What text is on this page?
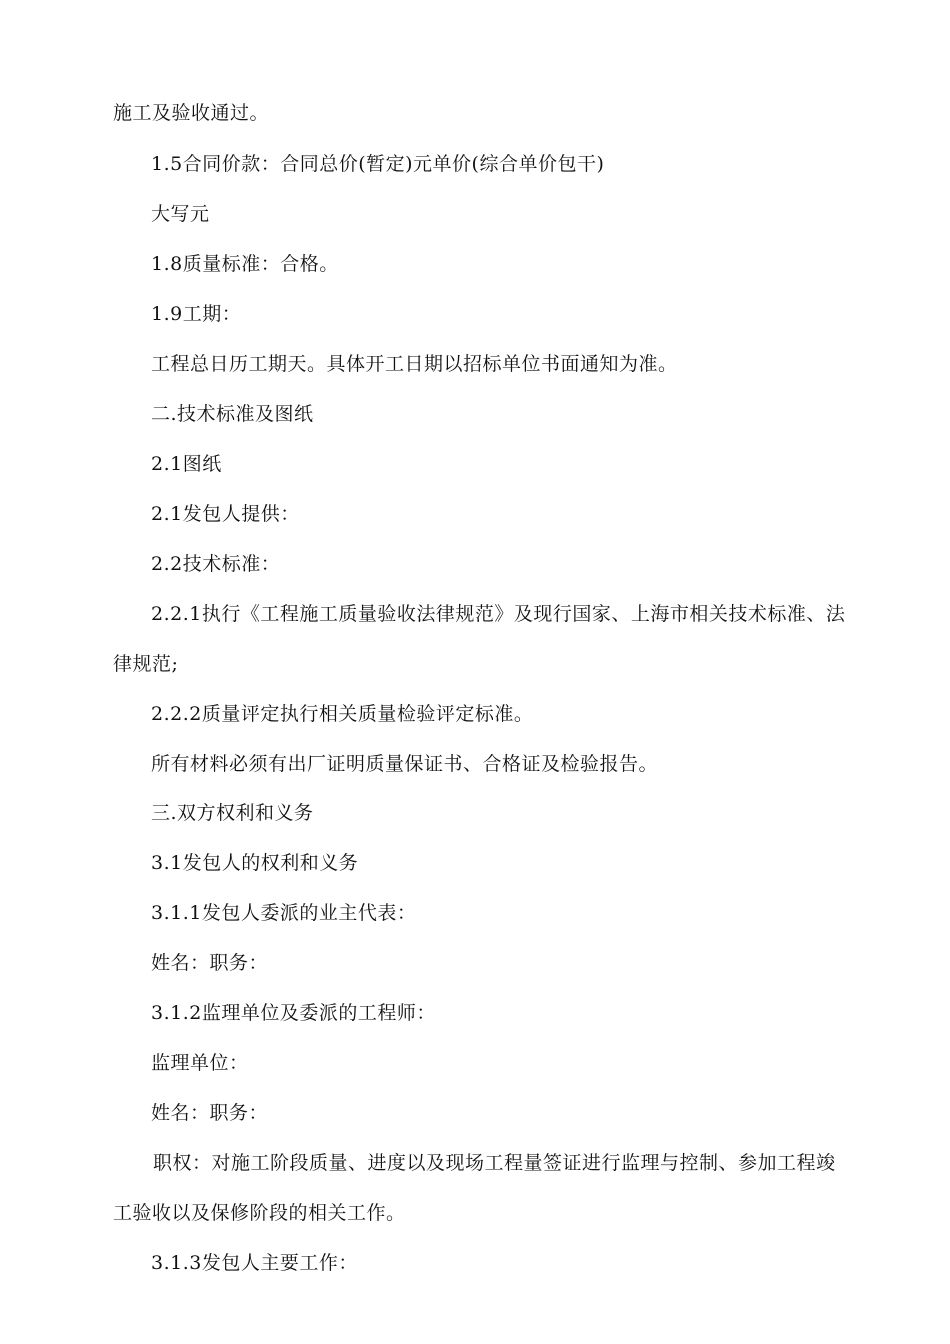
施工及验收通过。
1.5合同价款：合同总价(暂定)元单价(综合单价包干)
大写元
1.8质量标准：合格。
1.9工期：
工程总日历工期天。具体开工日期以招标单位书面通知为准。
二.技术标准及图纸
2.1图纸
2.1发包人提供：
2.2技术标准：
2.2.1执行《工程施工质量验收法律规范》及现行国家、上海市相关技术标准、法
律规范;
2.2.2质量评定执行相关质量检验评定标准。
所有材料必须有出厂证明质量保证书、合格证及检验报告。
三.双方权利和义务
3.1发包人的权利和义务
3.1.1发包人委派的业主代表：
姓名：职务：
3.1.2监理单位及委派的工程师：
监理单位：
姓名：职务：
职权：对施工阶段质量、进度以及现场工程量签证进行监理与控制、参加工程竣
工验收以及保修阶段的相关工作。
3.1.3发包人主要工作：
